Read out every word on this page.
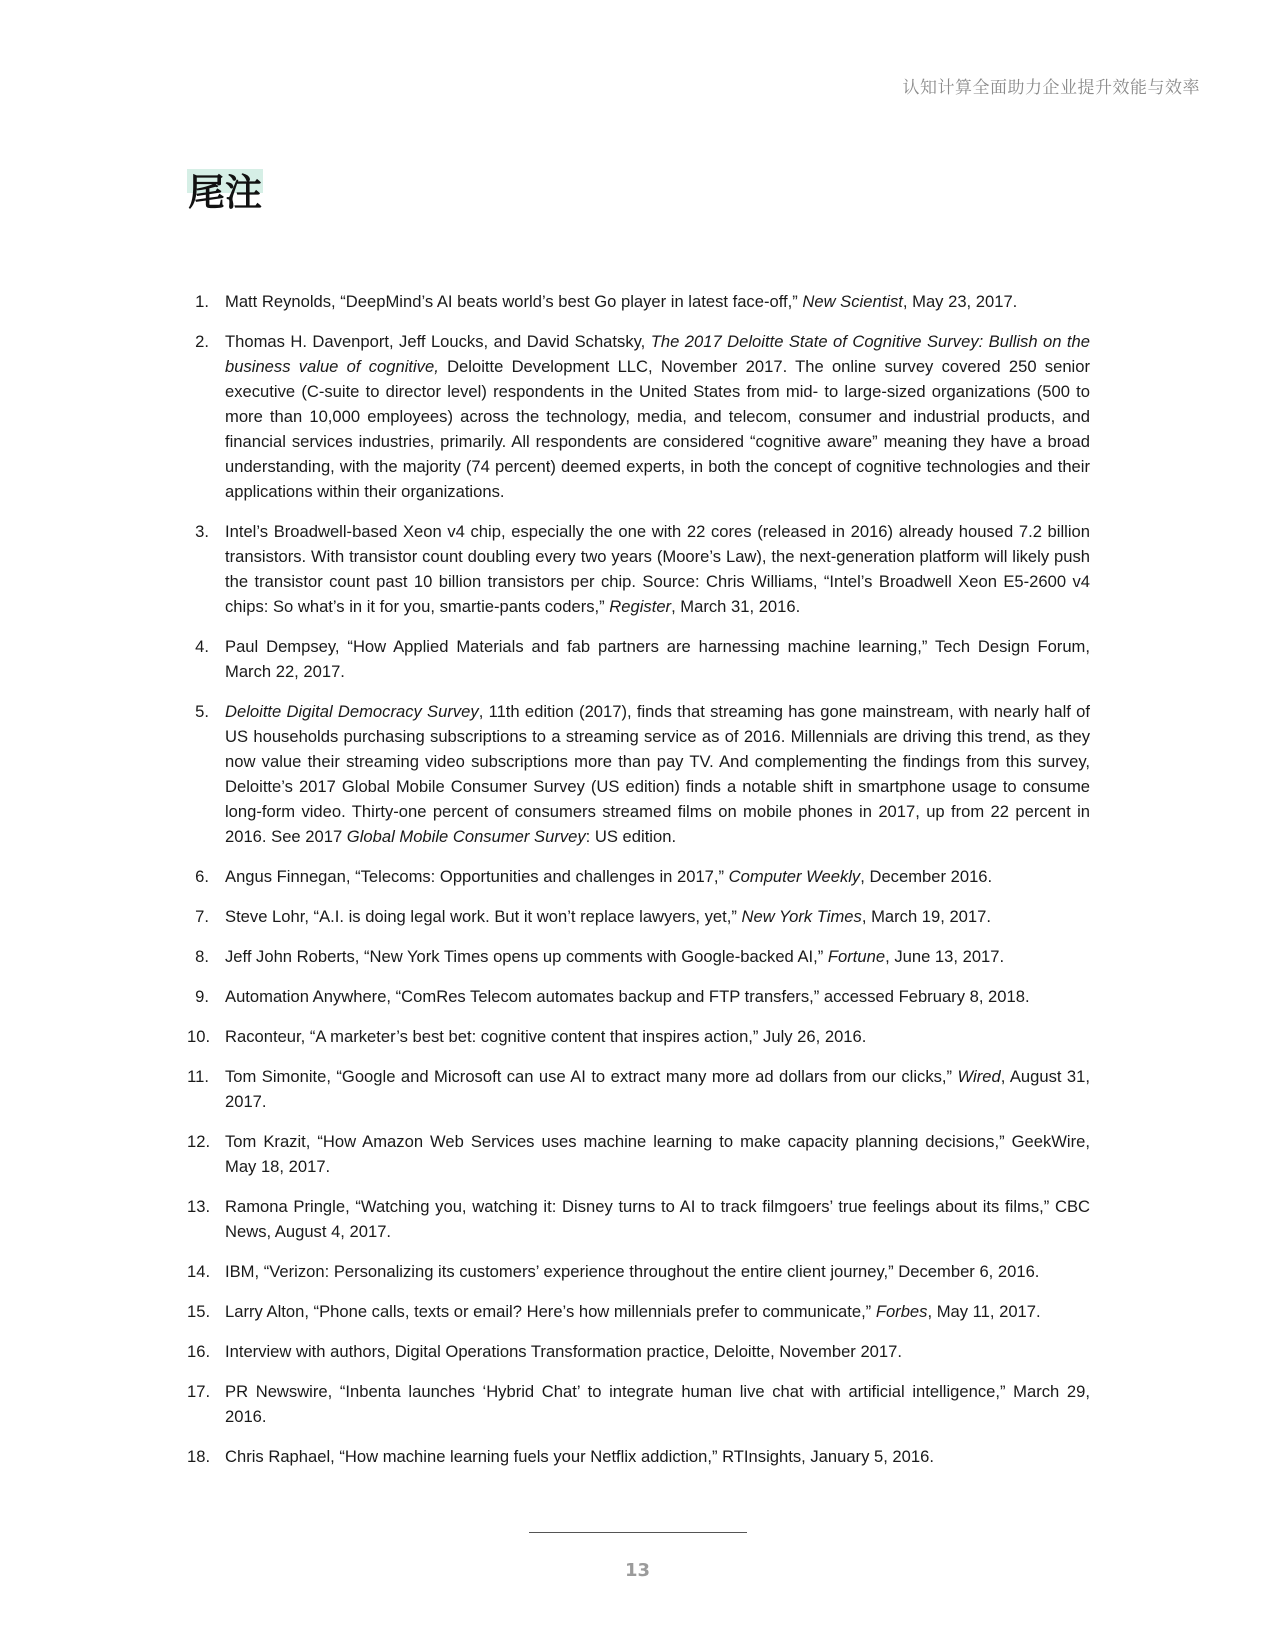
认知计算全面助力企业提升效能与效率
尾注
1. Matt Reynolds, “DeepMind’s AI beats world’s best Go player in latest face-off,” New Scientist, May 23, 2017.
2. Thomas H. Davenport, Jeff Loucks, and David Schatsky, The 2017 Deloitte State of Cognitive Survey: Bullish on the business value of cognitive, Deloitte Development LLC, November 2017. The online survey covered 250 senior executive (C-suite to director level) respondents in the United States from mid- to large-sized organizations (500 to more than 10,000 employees) across the technology, media, and telecom, consumer and industrial products, and financial services industries, primarily. All respondents are considered “cognitive aware” meaning they have a broad understanding, with the majority (74 percent) deemed experts, in both the concept of cognitive technologies and their applications within their organizations.
3. Intel’s Broadwell-based Xeon v4 chip, especially the one with 22 cores (released in 2016) already housed 7.2 billion transistors. With transistor count doubling every two years (Moore’s Law), the next-generation platform will likely push the transistor count past 10 billion transistors per chip. Source: Chris Williams, “Intel’s Broadwell Xeon E5-2600 v4 chips: So what’s in it for you, smartie-pants coders,” Register, March 31, 2016.
4. Paul Dempsey, “How Applied Materials and fab partners are harnessing machine learning,” Tech Design Forum, March 22, 2017.
5. Deloitte Digital Democracy Survey, 11th edition (2017), finds that streaming has gone mainstream, with nearly half of US households purchasing subscriptions to a streaming service as of 2016. Millennials are driving this trend, as they now value their streaming video subscriptions more than pay TV. And complementing the findings from this survey, Deloitte’s 2017 Global Mobile Consumer Survey (US edition) finds a notable shift in smartphone usage to consume long-form video. Thirty-one percent of consumers streamed films on mobile phones in 2017, up from 22 percent in 2016. See 2017 Global Mobile Consumer Survey: US edition.
6. Angus Finnegan, “Telecoms: Opportunities and challenges in 2017,” Computer Weekly, December 2016.
7. Steve Lohr, “A.I. is doing legal work. But it won’t replace lawyers, yet,” New York Times, March 19, 2017.
8. Jeff John Roberts, “New York Times opens up comments with Google-backed AI,” Fortune, June 13, 2017.
9. Automation Anywhere, “ComRes Telecom automates backup and FTP transfers,” accessed February 8, 2018.
10. Raconteur, “A marketer’s best bet: cognitive content that inspires action,” July 26, 2016.
11. Tom Simonite, “Google and Microsoft can use AI to extract many more ad dollars from our clicks,” Wired, August 31, 2017.
12. Tom Krazit, “How Amazon Web Services uses machine learning to make capacity planning decisions,” GeekWire, May 18, 2017.
13. Ramona Pringle, “Watching you, watching it: Disney turns to AI to track filmgoers’ true feelings about its films,” CBC News, August 4, 2017.
14. IBM, “Verizon: Personalizing its customers’ experience throughout the entire client journey,” December 6, 2016.
15. Larry Alton, “Phone calls, texts or email? Here’s how millennials prefer to communicate,” Forbes, May 11, 2017.
16. Interview with authors, Digital Operations Transformation practice, Deloitte, November 2017.
17. PR Newswire, “Inbenta launches ‘Hybrid Chat’ to integrate human live chat with artificial intelligence,” March 29, 2016.
18. Chris Raphael, “How machine learning fuels your Netflix addiction,” RTInsights, January 5, 2016.
13
